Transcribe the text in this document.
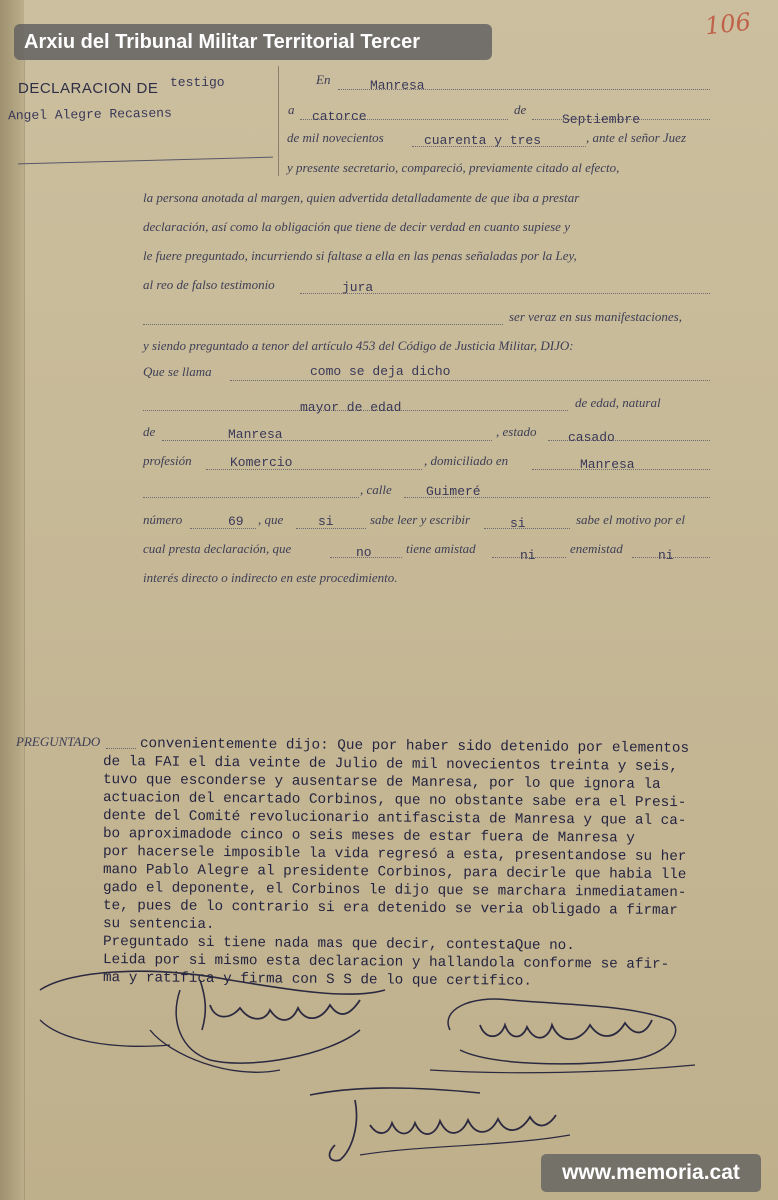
Arxiu del Tribunal Militar Territorial Tercer
106
DECLARACION DE testigo
Angel Alegre Recasens
En	Manresa
a catorce	de
Septiembre
de mil novecientos	cuarenta y tres	, ante el señor Juez
y presente secretario, compareció, previamente citado al efecto,
la persona anotada al margen, quien advertida detalladamente de que iba a prestar
declaración, así como la obligación que tiene de decir verdad en cuanto supiese y
le fuere preguntado, incurriendo si faltase a ella en las penas señaladas por la Ley,
al reo de falso testimonio	jura
ser veraz en sus manifestaciones,
y siendo preguntado a tenor del artículo 453 del Código de Justicia Militar, DIJO:
Que se llama	como se deja dicho
mayor de edad	de edad, natural
de	Manresa	, estado casado
profesión	Komercio	, domiciliado en	Manresa
, calle	Guimeré
número	69 , que	si	sabe leer y escribir	si	sabe el motivo por el
cual presta declaración, que	no	tiene amistad	ni	enemistad	ni
interés directo o indirecto en este procedimiento.
PREGUNTADO	convenientemente dijo: Que por haber sido detenido por elementos
de la FAI el dia veinte de Julio de mil novecientos treinta y seis,
tuvo que esconderse y ausentarse de Manresa, por lo que ignora la
actuacion del encartado Corbinos, que no obstante sabe era el Presi-
dente del Comité revolucionario antifascista de Manresa y que al ca-
bo aproximadode cinco o seis meses de estar fuera de Manresa y
por hacersele imposible la vida regresó a esta, presentandose su her
mano Pablo Alegre al presidente Corbinos, para decirle que habia lle
gado el deponente, el Corbinos le dijo que se marchara inmediatamen-
te, pues de lo contrario si era detenido se veria obligado a firmar
su sentencia.
Preguntado si tiene nada mas que decir, contestaQue no.
Leida por si mismo esta declaracion y hallandola conforme se afir-
ma y ratifica y firma con S S de lo que certifico.
www.memoria.cat
